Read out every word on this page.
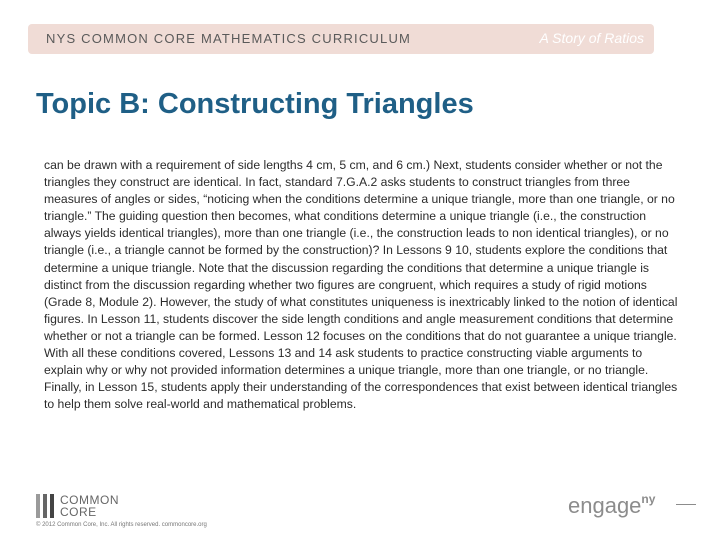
NYS COMMON CORE MATHEMATICS CURRICULUM	A Story of Ratios
Topic B: Constructing Triangles

can be drawn with a requirement of side lengths 4 cm, 5 cm, and 6 cm.) Next, students consider whether or not the triangles they construct are identical. In fact, standard 7.G.A.2 asks students to construct triangles from three measures of angles or sides, “noticing when the conditions determine a unique triangle, more than one triangle, or no triangle.” The guiding question then becomes, what conditions determine a unique triangle (i.e., the construction always yields identical triangles), more than one triangle (i.e., the construction leads to non identical triangles), or no triangle (i.e., a triangle cannot be formed by the construction)? In Lessons 9 10, students explore the conditions that determine a unique triangle. Note that the discussion regarding the conditions that determine a unique triangle is distinct from the discussion regarding whether two figures are congruent, which requires a study of rigid motions (Grade 8, Module 2). However, the study of what constitutes uniqueness is inextricably linked to the notion of identical figures. In Lesson 11, students discover the side length conditions and angle measurement conditions that determine whether or not a triangle can be formed. Lesson 12 focuses on the conditions that do not guarantee a unique triangle. With all these conditions covered, Lessons 13 and 14 ask students to practice constructing viable arguments to explain why or why not provided information determines a unique triangle, more than one triangle, or no triangle. Finally, in Lesson 15, students apply their understanding of the correspondences that exist between identical triangles to help them solve real-world and mathematical problems.

COMMON
CORE
© 2012 Common Core, Inc. All rights reserved. commoncore.org
engage$^{ny}$
